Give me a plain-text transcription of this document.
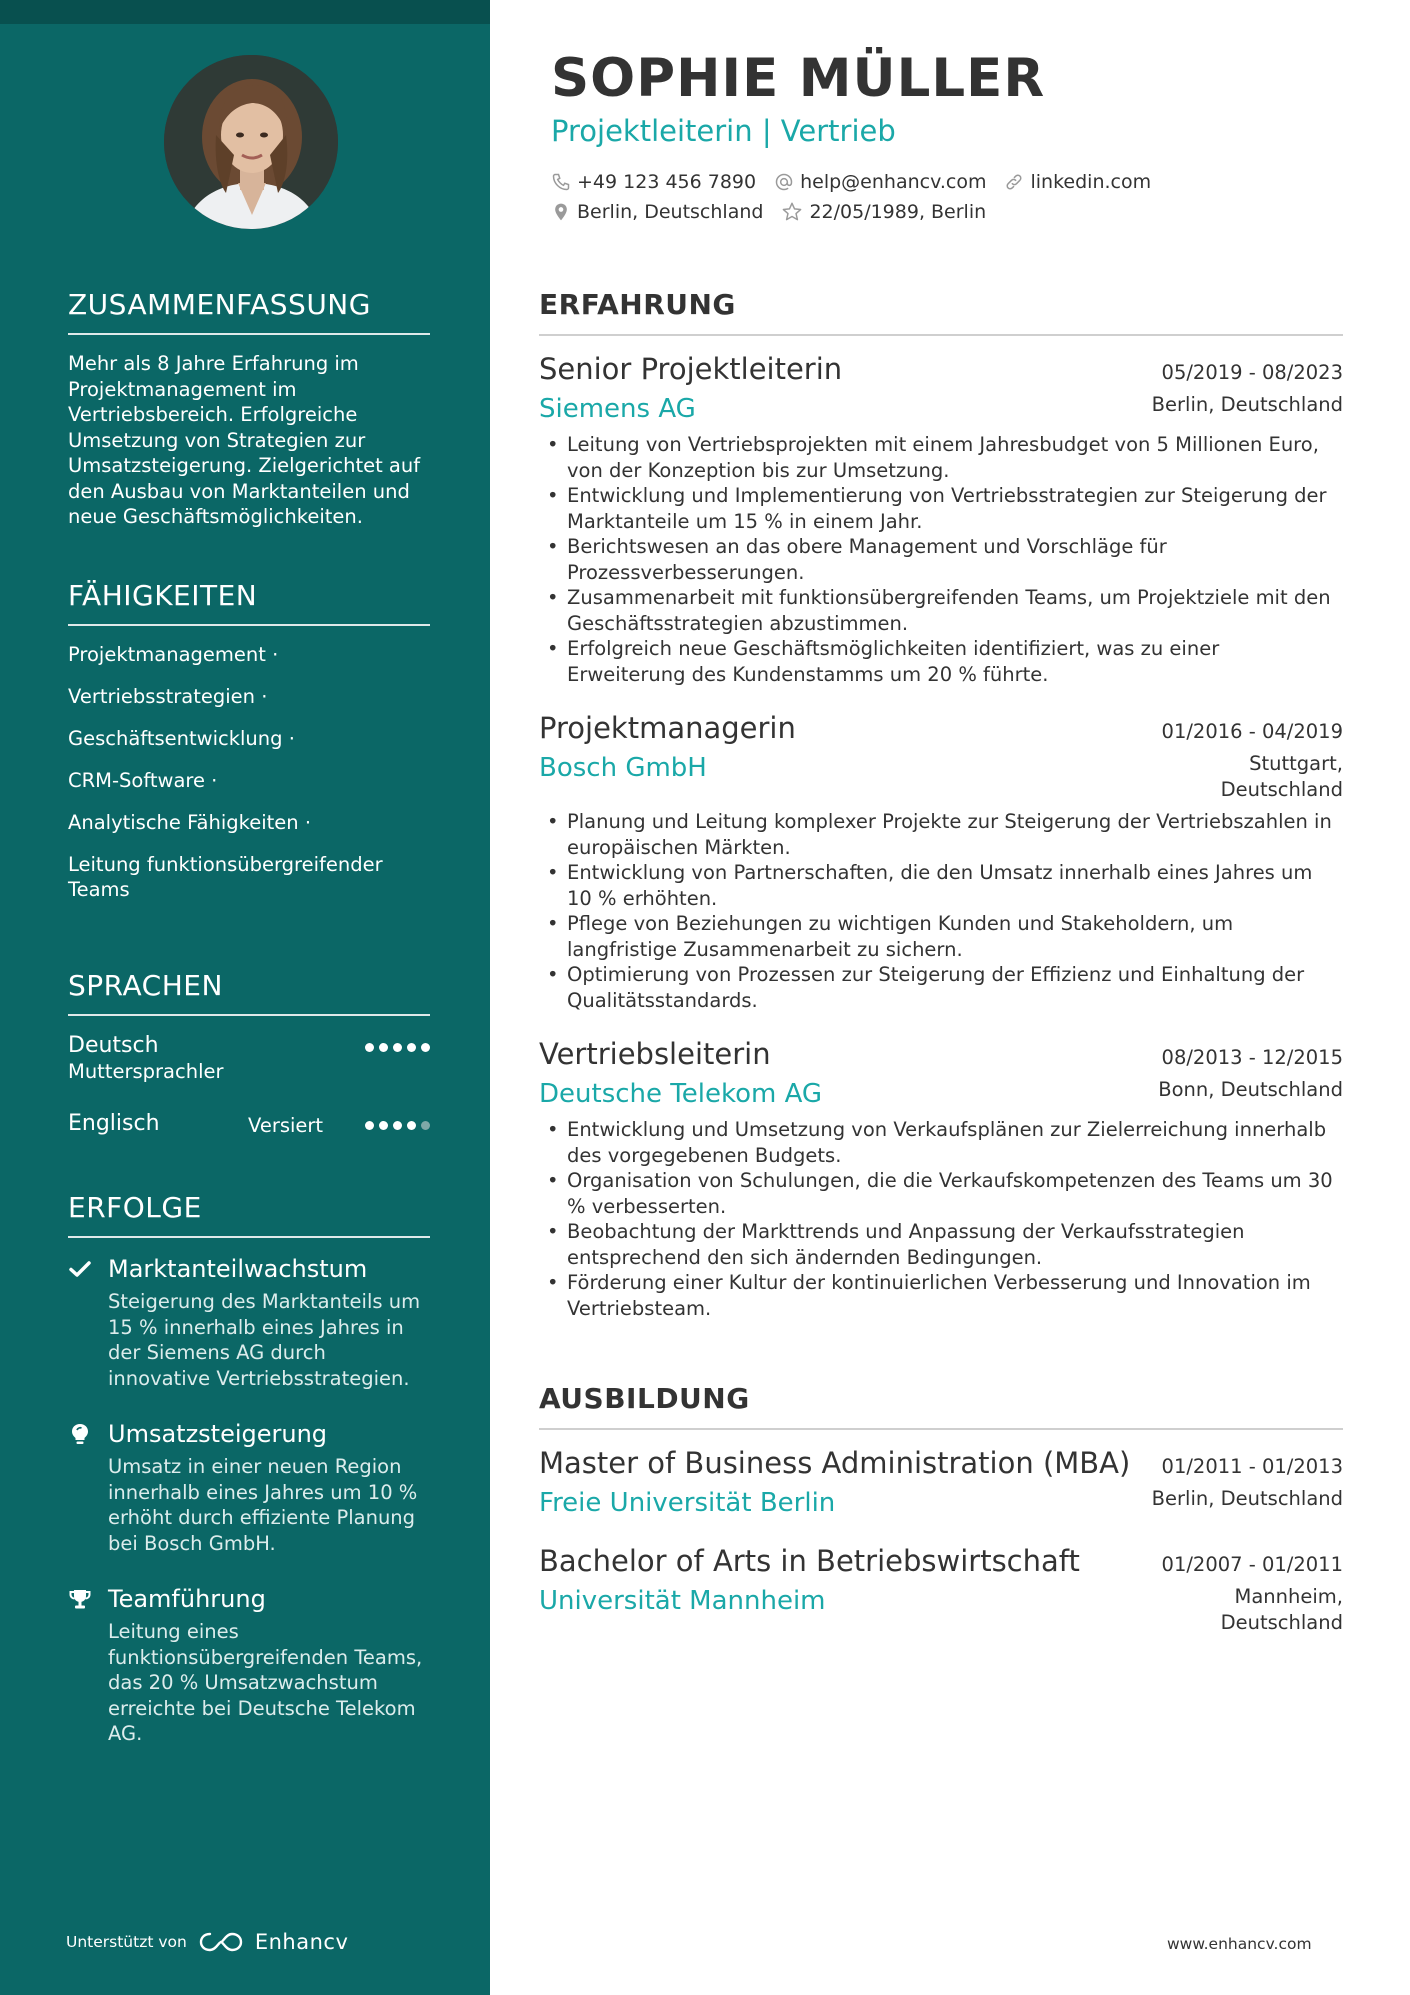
ZUSAMMENFASSUNG

Mehr als 8 Jahre Erfahrung im Projektmanagement im Vertriebsbereich. Erfolgreiche Umsetzung von Strategien zur Umsatzsteigerung. Zielgerichtet auf den Ausbau von Marktanteilen und neue Geschäftsmöglichkeiten.

FÄHIGKEITEN
Projektmanagement ·
Vertriebsstrategien ·
Geschäftsentwicklung ·
CRM-Software ·
Analytische Fähigkeiten ·
Leitung funktionsübergreifender Teams
SPRACHEN
Deutsch
Muttersprachler
Englisch	Versiert
ERFOLGE
Marktanteilwachstum
Steigerung des Marktanteils um 15 % innerhalb eines Jahres in der Siemens AG durch innovative Vertriebsstrategien.
Umsatzsteigerung
Umsatz in einer neuen Region innerhalb eines Jahres um 10 % erhöht durch effiziente Planung bei Bosch GmbH.
Teamführung
Leitung eines funktionsübergreifenden Teams, das 20 % Umsatzwachstum erreichte bei Deutsche Telekom AG.
Unterstützt von	Enhancv
SOPHIE MÜLLER
Projektleiterin | Vertrieb
+49 123 456 7890 help@enhancv.com linkedin.com
Berlin, Deutschland 22/05/1989, Berlin
ERFAHRUNG
Senior Projektleiterin	05/2019 - 08/2023
Siemens AG	Berlin, Deutschland
• Leitung von Vertriebsprojekten mit einem Jahresbudget von 5 Millionen Euro, von der Konzeption bis zur Umsetzung.
• Entwicklung und Implementierung von Vertriebsstrategien zur Steigerung der Marktanteile um 15 % in einem Jahr.
• Berichtswesen an das obere Management und Vorschläge für Prozessverbesserungen.
• Zusammenarbeit mit funktionsübergreifenden Teams, um Projektziele mit den Geschäftsstrategien abzustimmen.
• Erfolgreich neue Geschäftsmöglichkeiten identifiziert, was zu einer Erweiterung des Kundenstamms um 20 % führte.
Projektmanagerin	01/2016 - 04/2019
Bosch GmbH	Stuttgart,
Deutschland
• Planung und Leitung komplexer Projekte zur Steigerung der Vertriebszahlen in europäischen Märkten.
• Entwicklung von Partnerschaften, die den Umsatz innerhalb eines Jahres um 10 % erhöhten.
• Pflege von Beziehungen zu wichtigen Kunden und Stakeholdern, um langfristige Zusammenarbeit zu sichern.
• Optimierung von Prozessen zur Steigerung der Effizienz und Einhaltung der Qualitätsstandards.
Vertriebsleiterin	08/2013 - 12/2015
Deutsche Telekom AG	Bonn, Deutschland
• Entwicklung und Umsetzung von Verkaufsplänen zur Zielerreichung innerhalb des vorgegebenen Budgets.
• Organisation von Schulungen, die die Verkaufskompetenzen des Teams um 30 % verbesserten.
• Beobachtung der Markttrends und Anpassung der Verkaufsstrategien entsprechend den sich ändernden Bedingungen.
• Förderung einer Kultur der kontinuierlichen Verbesserung und Innovation im Vertriebsteam.
AUSBILDUNG
Master of Business Administration (MBA) 01/2011 - 01/2013
Freie Universität Berlin	Berlin, Deutschland
Bachelor of Arts in Betriebswirtschaft	01/2007 - 01/2011
Universität Mannheim	Mannheim,
Deutschland
www.enhancv.com
